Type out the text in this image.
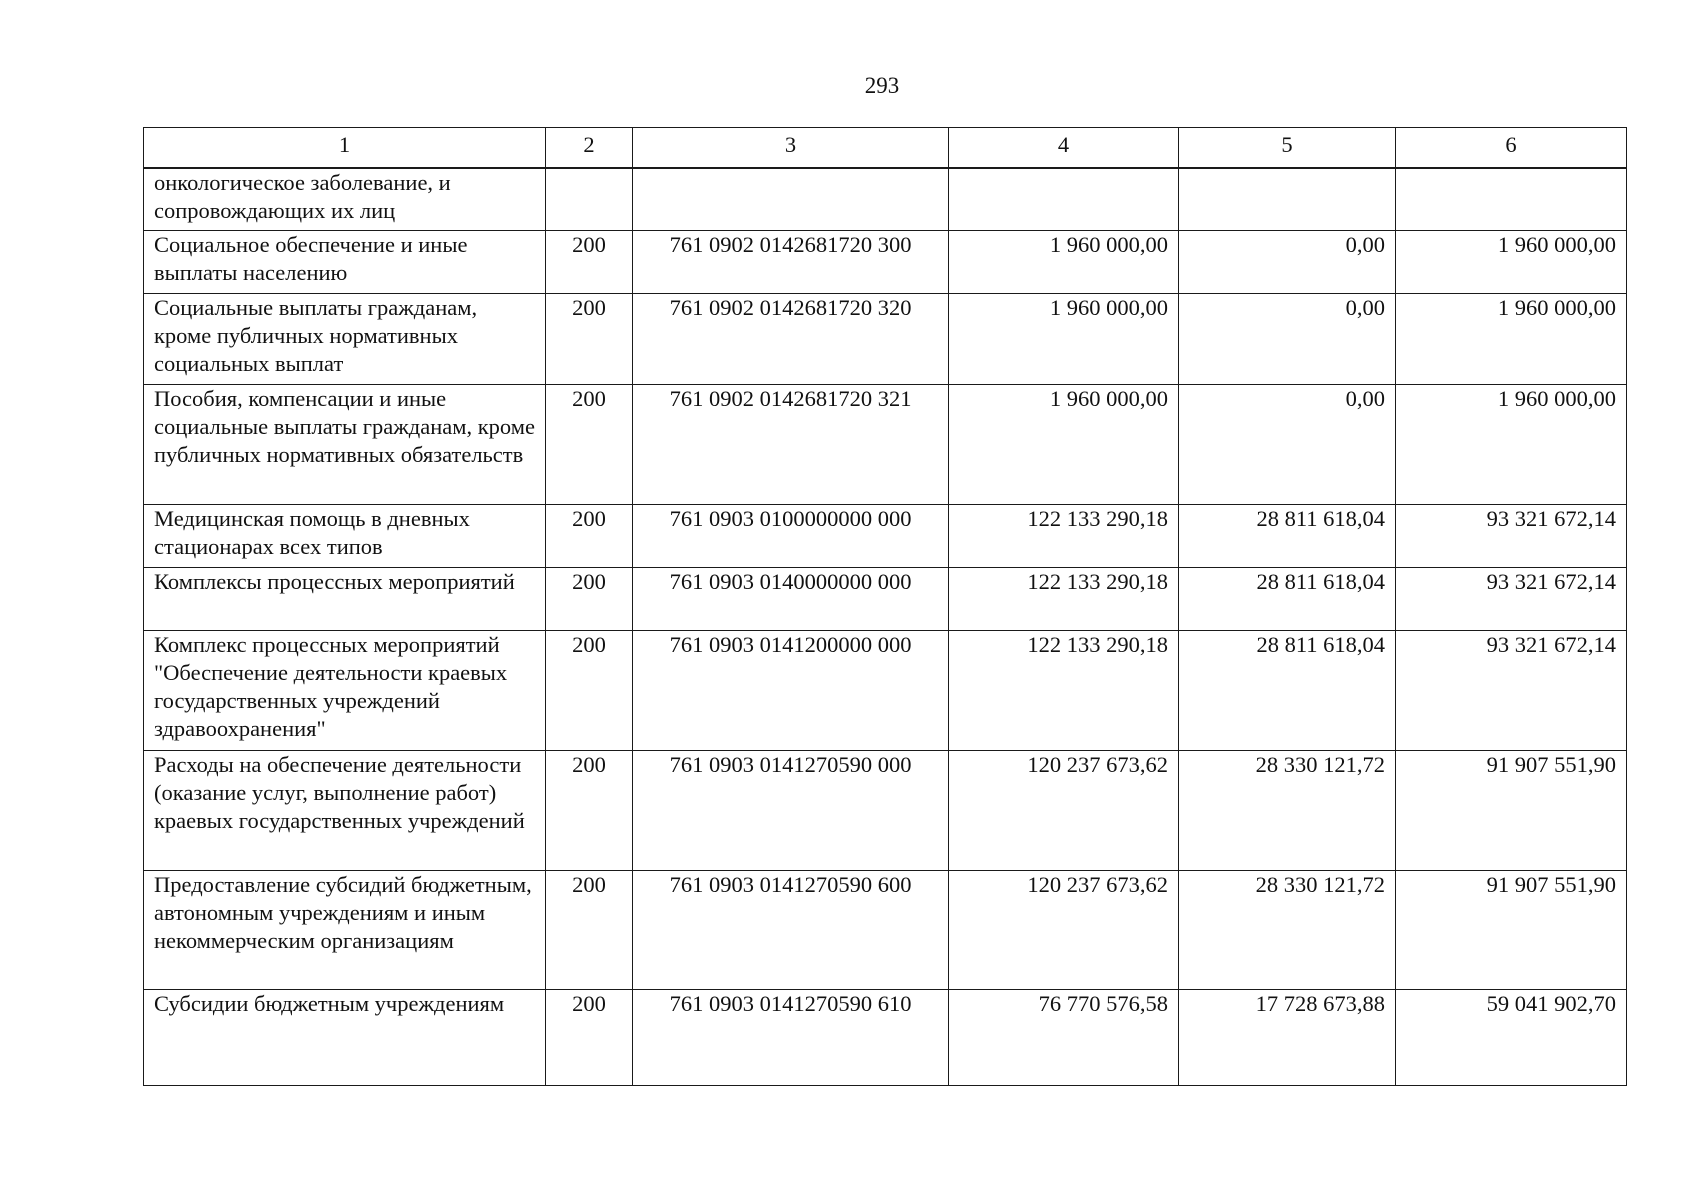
293
1	2	3	4	5	6
онкологическое заболевание, и сопровождающих их лиц					
Социальное обеспечение и иные выплаты населению	200	761 0902 0142681720 300	1 960 000,00	0,00	1 960 000,00
Социальные выплаты гражданам, кроме публичных нормативных социальных выплат	200	761 0902 0142681720 320	1 960 000,00	0,00	1 960 000,00
Пособия, компенсации и иные социальные выплаты гражданам, кроме публичных нормативных обязательств	200	761 0902 0142681720 321	1 960 000,00	0,00	1 960 000,00
Медицинская помощь в дневных стационарах всех типов	200	761 0903 0100000000 000	122 133 290,18	28 811 618,04	93 321 672,14
Комплексы процессных мероприятий	200	761 0903 0140000000 000	122 133 290,18	28 811 618,04	93 321 672,14
Комплекс процессных мероприятий "Обеспечение деятельности краевых государственных учреждений здравоохранения"	200	761 0903 0141200000 000	122 133 290,18	28 811 618,04	93 321 672,14
Расходы на обеспечение деятельности (оказание услуг, выполнение работ) краевых государственных учреждений	200	761 0903 0141270590 000	120 237 673,62	28 330 121,72	91 907 551,90
Предоставление субсидий бюджетным, автономным учреждениям и иным некоммерческим организациям	200	761 0903 0141270590 600	120 237 673,62	28 330 121,72	91 907 551,90
Субсидии бюджетным учреждениям	200	761 0903 0141270590 610	76 770 576,58	17 728 673,88	59 041 902,70
